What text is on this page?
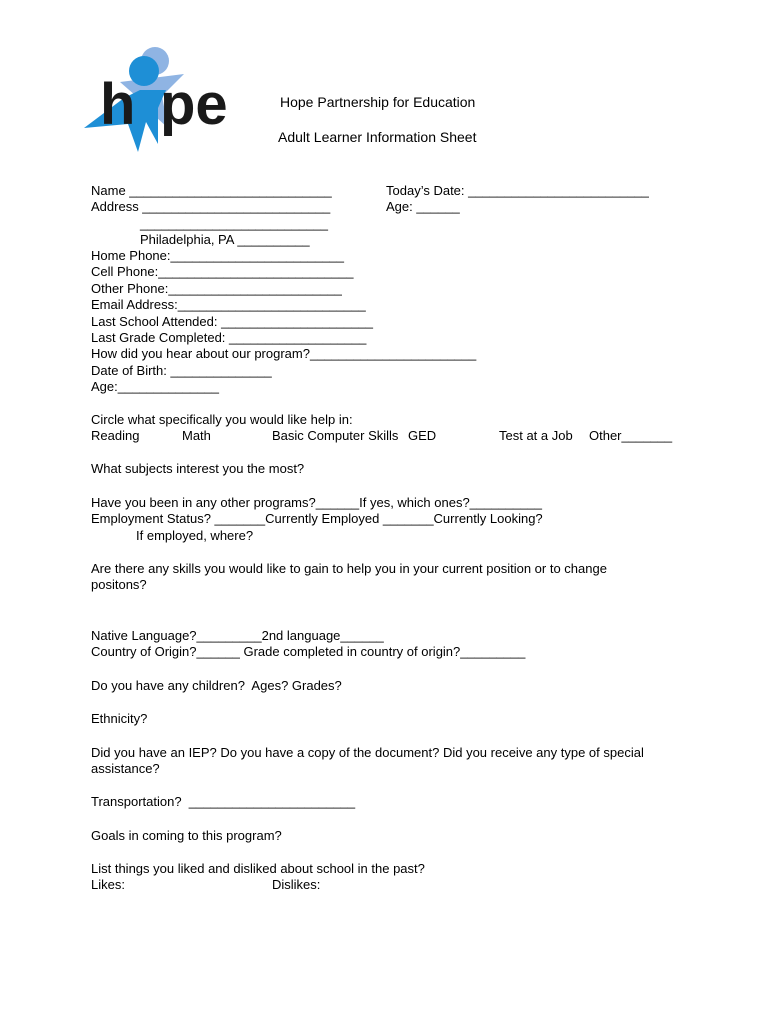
h pe	Hope Partnership for Education
Adult Learner Information Sheet
Name ____________________________	Today’s Date: _________________________
Address __________________________	Age: ______
__________________________
Philadelphia, PA __________
Home Phone:________________________
Cell Phone:___________________________
Other Phone:________________________
Email Address:__________________________
Last School Attended: _____________________
Last Grade Completed: ___________________
How did you hear about our program?_______________________
Date of Birth: ______________
Age:______________
Circle what specifically you would like help in:
Reading	Math	Basic Computer Skills GED	Test at a Job Other_______
What subjects interest you the most?
Have you been in any other programs?______If yes, which ones?__________
Employment Status? _______Currently Employed _______Currently Looking?
If employed, where?
Are there any skills you would like to gain to help you in your current position or to change
positons?
Native Language?_________2nd language______
Country of Origin?______ Grade completed in country of origin?_________
Do you have any children?  Ages? Grades?
Ethnicity?
Did you have an IEP? Do you have a copy of the document? Did you receive any type of special
assistance?
Transportation?  _______________________
Goals in coming to this program?
List things you liked and disliked about school in the past?
Likes:	Dislikes:
